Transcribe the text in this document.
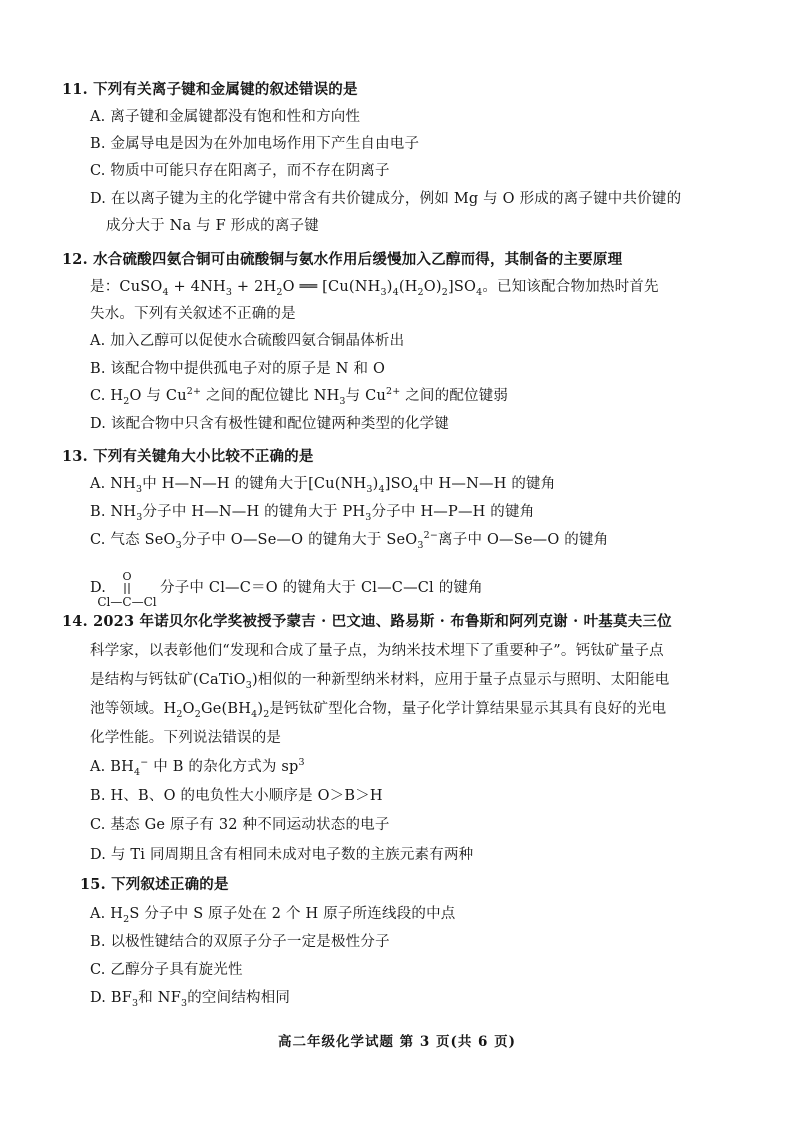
11. 下列有关离子键和金属键的叙述错误的是
A. 离子键和金属键都没有饱和性和方向性
B. 金属导电是因为在外加电场作用下产生自由电子
C. 物质中可能只存在阳离子，而不存在阴离子
D. 在以离子键为主的化学键中常含有共价键成分，例如 Mg 与 O 形成的离子键中共价键的
成分大于 Na 与 F 形成的离子键
12. 水合硫酸四氨合铜可由硫酸铜与氨水作用后缓慢加入乙醇而得，其制备的主要原理
是：CuSO$_4$ + $4NH_3 + 2H_2O$ ══ $[Cu(NH_3)_4(H_2O)_2]SO_4$。已知该配合物加热时首先
失水。下列有关叙述不正确的是
A. 加入乙醇可以促使水合硫酸四氨合铜晶体析出
B. 该配合物中提供孤电子对的原子是 N 和 O
C. $H_2O$ 与 $Cu^{2+}$ 之间的配位键比 $NH_3$与 $Cu^{2+}$ 之间的配位键弱
D. 该配合物中只含有极性键和配位键两种类型的化学键
13. 下列有关键角大小比较不正确的是
A. $NH_3$中 H—N—H 的键角大于$[Cu(NH_3)_4]SO_4$中 H—N—H 的键角
B. $NH_3$分子中 H—N—H 的键角大于 $PH_3$分子中 H—P—H 的键角
C. 气态 SeO$_3$分子中 O—Se—O 的键角大于 SeO$_3^{2-}$离子中 O—Se—O 的键角
D.
O
Cl—C—Cl
分子中 Cl—C＝O 的键角大于 Cl—C—Cl 的键角
14. 2023 年诺贝尔化学奖被授予蒙吉 · 巴文迪、路易斯 · 布鲁斯和阿列克谢 · 叶基莫夫三位
科学家，以表彰他们“发现和合成了量子点，为纳米技术埋下了重要种子”。钙钛矿量子点
是结构与钙钛矿(CaTiO$_3$)相似的一种新型纳米材料，应用于量子点显示与照明、太阳能电
池等领域。$H_2O_2Ge(BH_4)_2$是钙钛矿型化合物，量子化学计算结果显示其具有良好的光电
化学性能。下列说法错误的是
A. $BH_4^-$ 中 B 的杂化方式为 $sp^3$
B. H、B、O 的电负性大小顺序是 O＞B＞H
C. 基态 Ge 原子有 32 种不同运动状态的电子
D. 与 Ti 同周期且含有相同未成对电子数的主族元素有两种
15. 下列叙述正确的是
A. $H_2S$ 分子中 S 原子处在 2 个 H 原子所连线段的中点
B. 以极性键结合的双原子分子一定是极性分子
C. 乙醇分子具有旋光性
D. $BF_3$和 $NF_3$的空间结构相同
高二年级化学试题 第 3 页(共 6 页)
